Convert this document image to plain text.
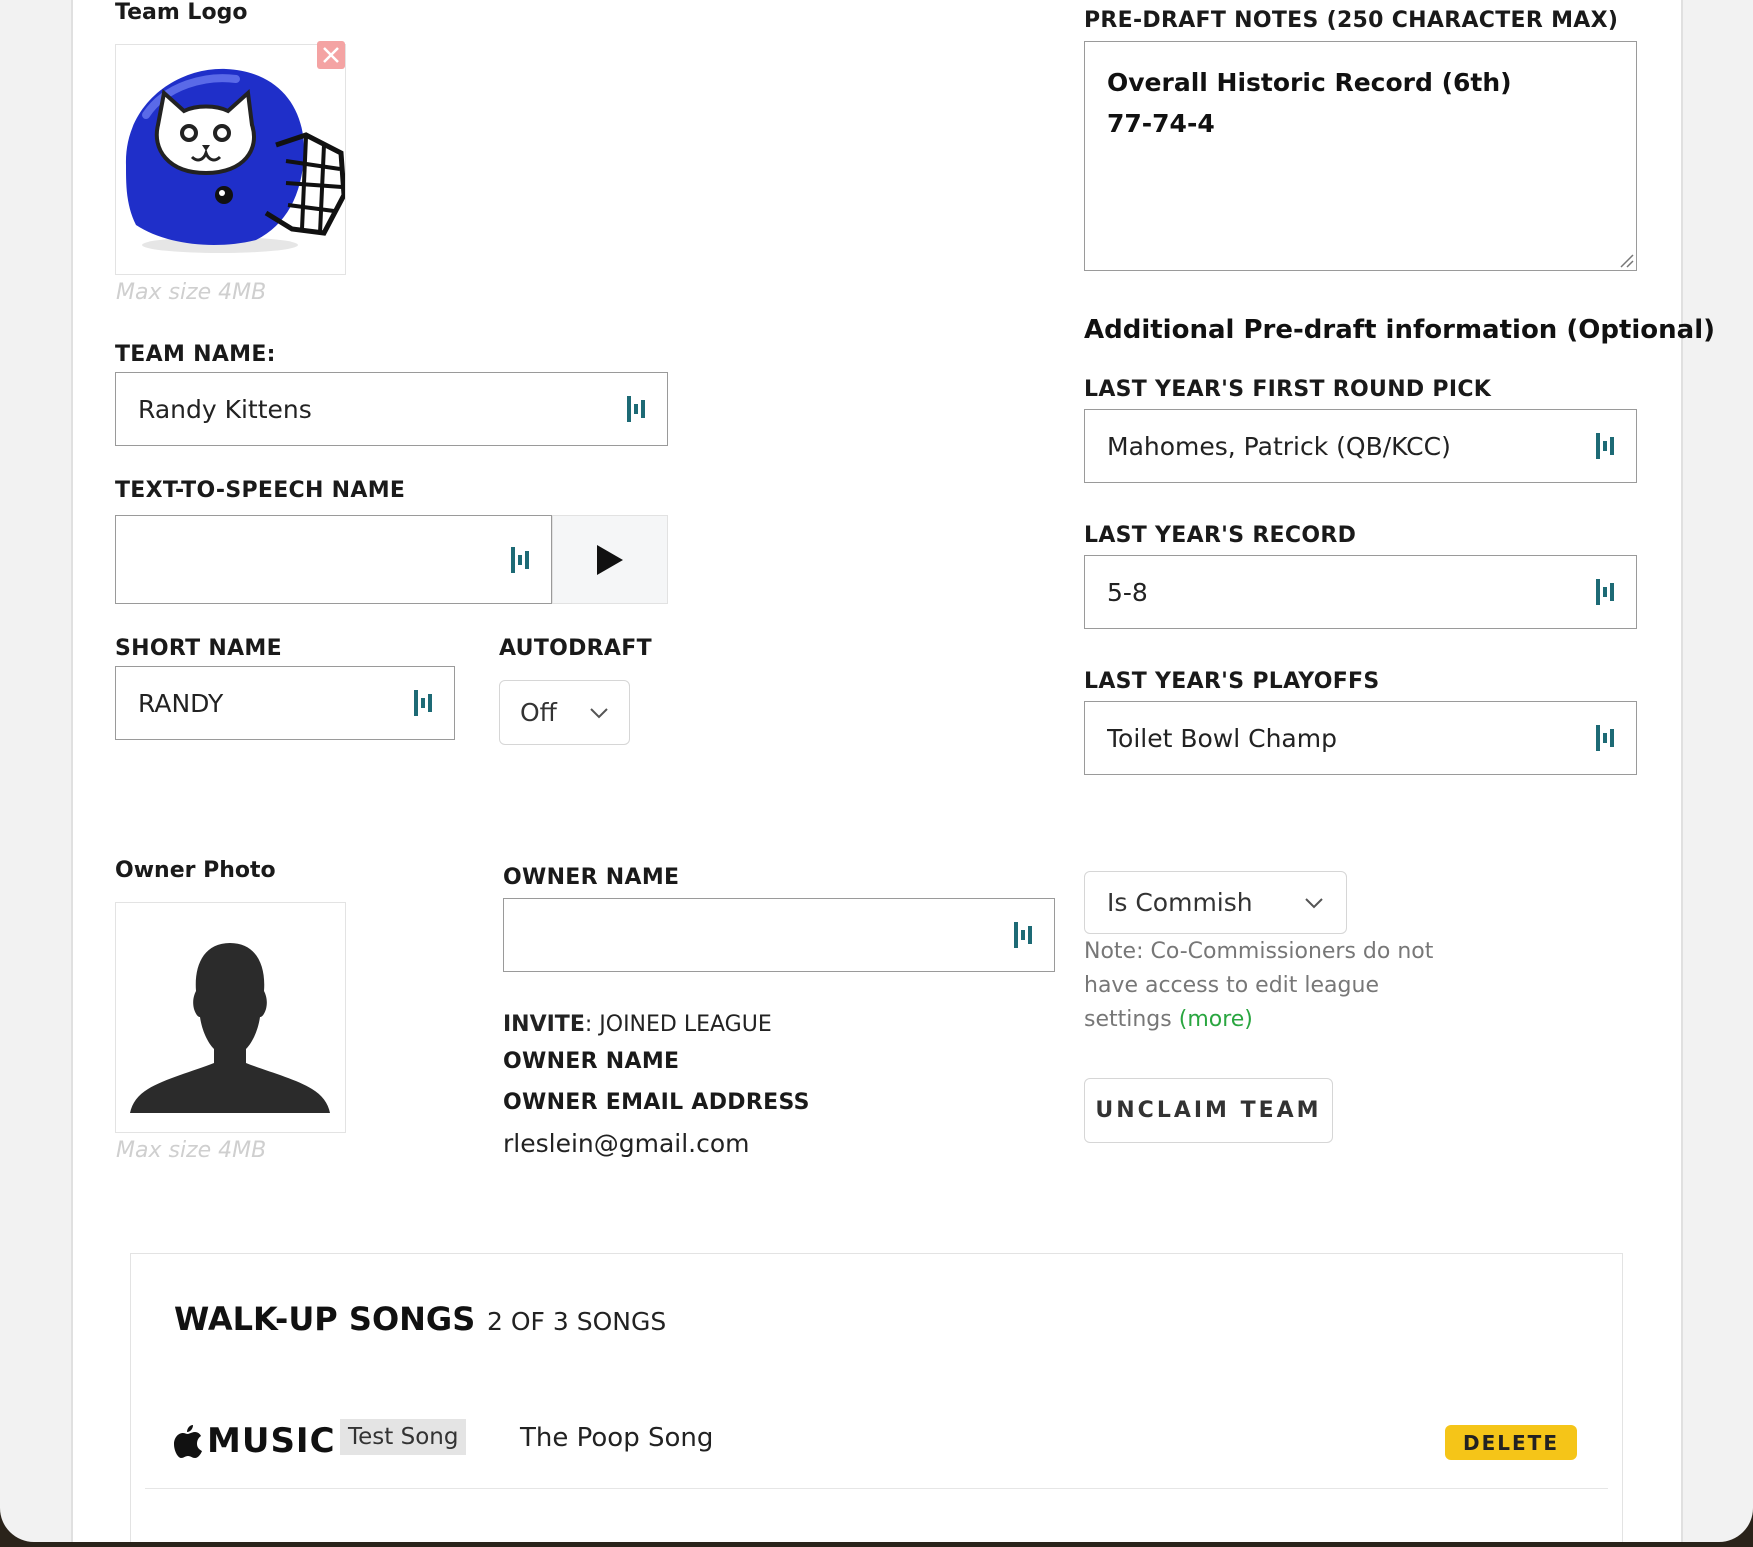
Team Logo
Max size 4MB
TEAM NAME:
Randy Kittens
TEXT-TO-SPEECH NAME
SHORT NAME
RANDY
AUTODRAFT
Off
PRE-DRAFT NOTES (250 CHARACTER MAX)
Overall Historic Record (6th)
77-74-4
Additional Pre-draft information (Optional)
LAST YEAR'S FIRST ROUND PICK
Mahomes, Patrick (QB/KCC)
LAST YEAR'S RECORD
5-8
LAST YEAR'S PLAYOFFS
Toilet Bowl Champ
Owner Photo
Max size 4MB
OWNER NAME
INVITE: JOINED LEAGUE
OWNER NAME
OWNER EMAIL ADDRESS
rleslein@gmail.com
Is Commish
Note: Co-Commissioners do not
have access to edit league
settings (more)
UNCLAIM TEAM
WALK-UP SONGS 2 OF 3 SONGS
MUSIC Test Song	The Poop Song	DELETE
